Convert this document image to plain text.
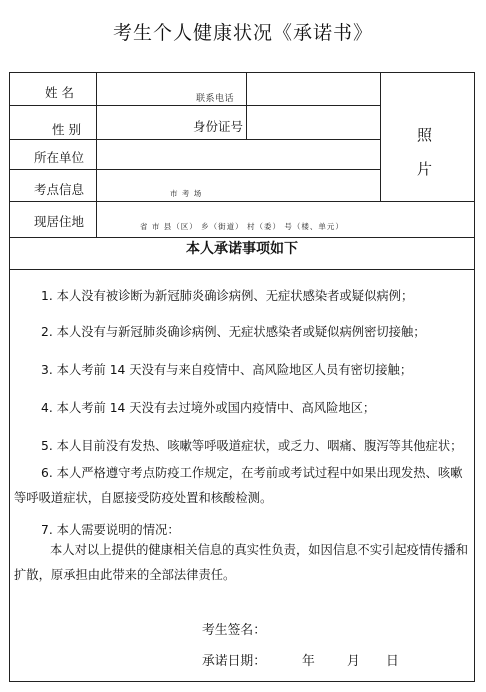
考生个人健康状况《承诺书》
姓 名	联系电话
性 别	身份证号
所在单位
考点信息	市 考 场
现居住地	省 市 县（区） 乡（街道） 村（委） 号（楼、单元）
照
片
本人承诺事项如下
1. 本人没有被诊断为新冠肺炎确诊病例、无症状感染者或疑似病例；
2. 本人没有与新冠肺炎确诊病例、无症状感染者或疑似病例密切接触；
3. 本人考前 14 天没有与来自疫情中、高风险地区人员有密切接触；
4. 本人考前 14 天没有去过境外或国内疫情中、高风险地区；
5. 本人目前没有发热、咳嗽等呼吸道症状，或乏力、咽痛、腹泻等其他症状；
6. 本人严格遵守考点防疫工作规定，在考前或考试过程中如果出现发热、咳嗽等呼吸道症状，自愿接受防疫处置和核酸检测。
7. 本人需要说明的情况：
本人对以上提供的健康相关信息的真实性负责，如因信息不实引起疫情传播和扩散，原承担由此带来的全部法律责任。
考生签名：
承诺日期：	年	月 日
